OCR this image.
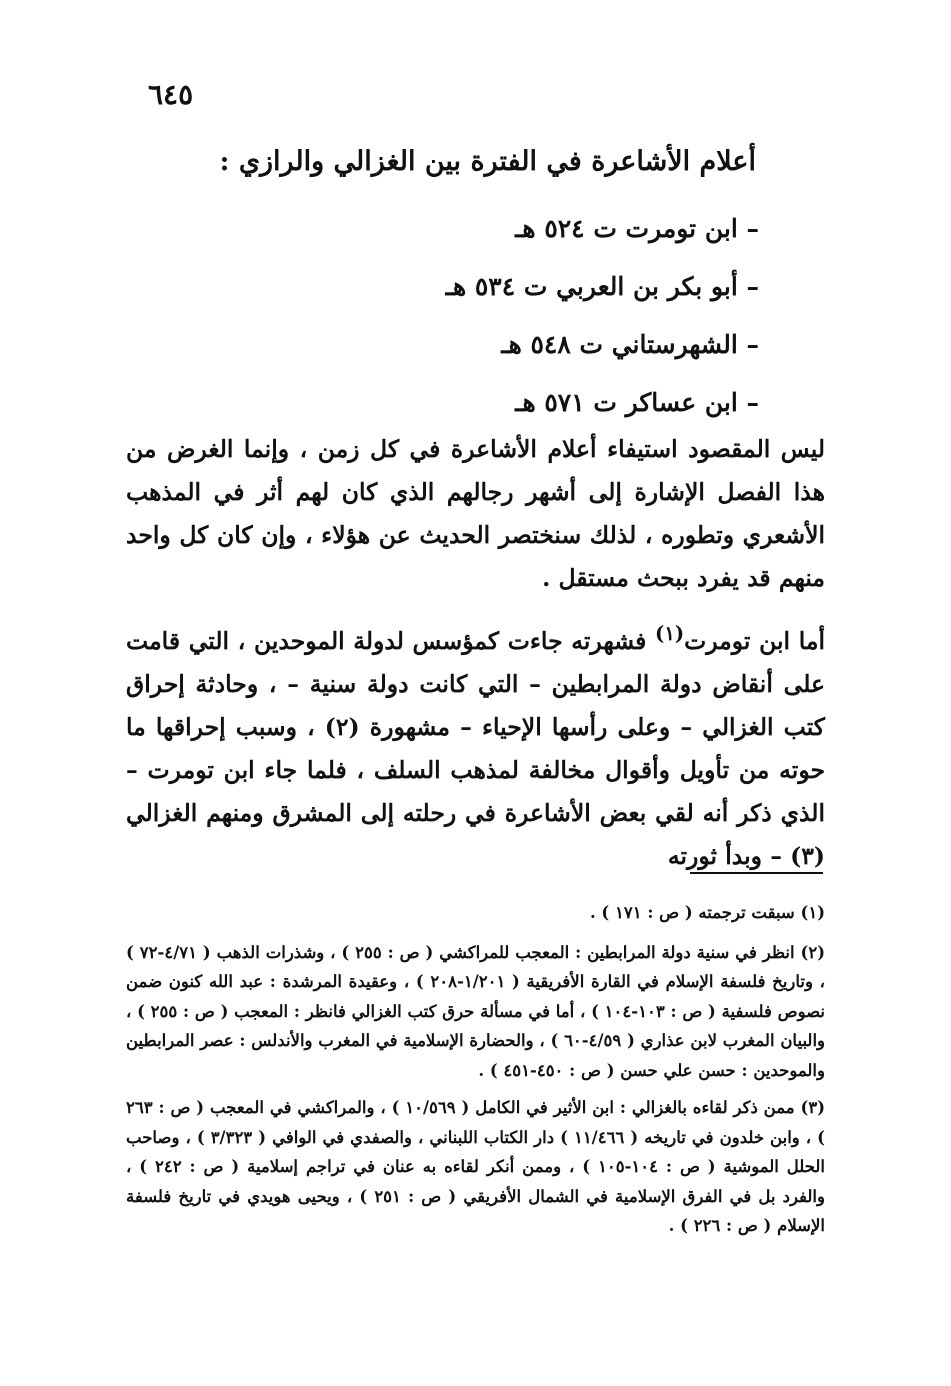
٦٤٥
أعلام الأشاعرة في الفترة بين الغزالي والرازي :
– ابن تومرت ت ٥٢٤ هـ
– أبو بكر بن العربي ت ٥٣٤ هـ
– الشهرستاني ت ٥٤٨ هـ
– ابن عساكر ت ٥٧١ هـ

ليس المقصود استيفاء أعلام الأشاعرة في كل زمن ، وإنما الغرض من هذا الفصل الإشارة إلى أشهر رجالهم الذي كان لهم أثر في المذهب الأشعري وتطوره ، لذلك سنختصر الحديث عن هؤلاء ، وإن كان كل واحد منهم قد يفرد ببحث مستقل .

أما ابن تومرت$^{(١)}$ فشهرته جاءت كمؤسس لدولة الموحدين ، التي قامت على أنقاض دولة المرابطين – التي كانت دولة سنية – ، وحادثة إحراق كتب الغزالي – وعلى رأسها الإحياء – مشهورة (٢) ، وسبب إحراقها ما حوته من تأويل وأقوال مخالفة لمذهب السلف ، فلما جاء ابن تومرت – الذي ذكر أنه لقي بعض الأشاعرة في رحلته إلى المشرق ومنهم الغزالي (٣) – وبدأ ثورته

(١) سبقت ترجمته ( ص : ١٧١ ) .

(٢) انظر في سنية دولة المرابطين : المعجب للمراكشي ( ص : ٢٥٥ ) ، وشذرات الذهب ( ٤/٧١-٧٢ ) ، وتاريخ فلسفة الإسلام في القارة الأفريقية ( ١/٢٠١-٢٠٨ ) ، وعقيدة المرشدة : عبد الله كنون ضمن نصوص فلسفية ( ص : ١٠٣-١٠٤ ) ، أما في مسألة حرق كتب الغزالي فانظر : المعجب ( ص : ٢٥٥ ) ، والبيان المغرب لابن عذاري ( ٤/٥٩-٦٠ ) ، والحضارة الإسلامية في المغرب والأندلس : عصر المرابطين والموحدين : حسن علي حسن ( ص : ٤٥٠-٤٥١ ) .

(٣) ممن ذكر لقاءه بالغزالي : ابن الأثير في الكامل ( ١٠/٥٦٩ ) ، والمراكشي في المعجب ( ص : ٢٦٣ ) ، وابن خلدون في تاريخه ( ١١/٤٦٦ ) دار الكتاب اللبناني ، والصفدي في الوافي ( ٣/٣٢٣ ) ، وصاحب الحلل الموشية ( ص : ١٠٤-١٠٥ ) ، وممن أنكر لقاءه به عنان في تراجم إسلامية ( ص : ٢٤٢ ) ، والفرد بل في الفرق الإسلامية في الشمال الأفريقي ( ص : ٢٥١ ) ، ويحيى هويدي في تاريخ فلسفة الإسلام ( ص : ٢٢٦ ) .
